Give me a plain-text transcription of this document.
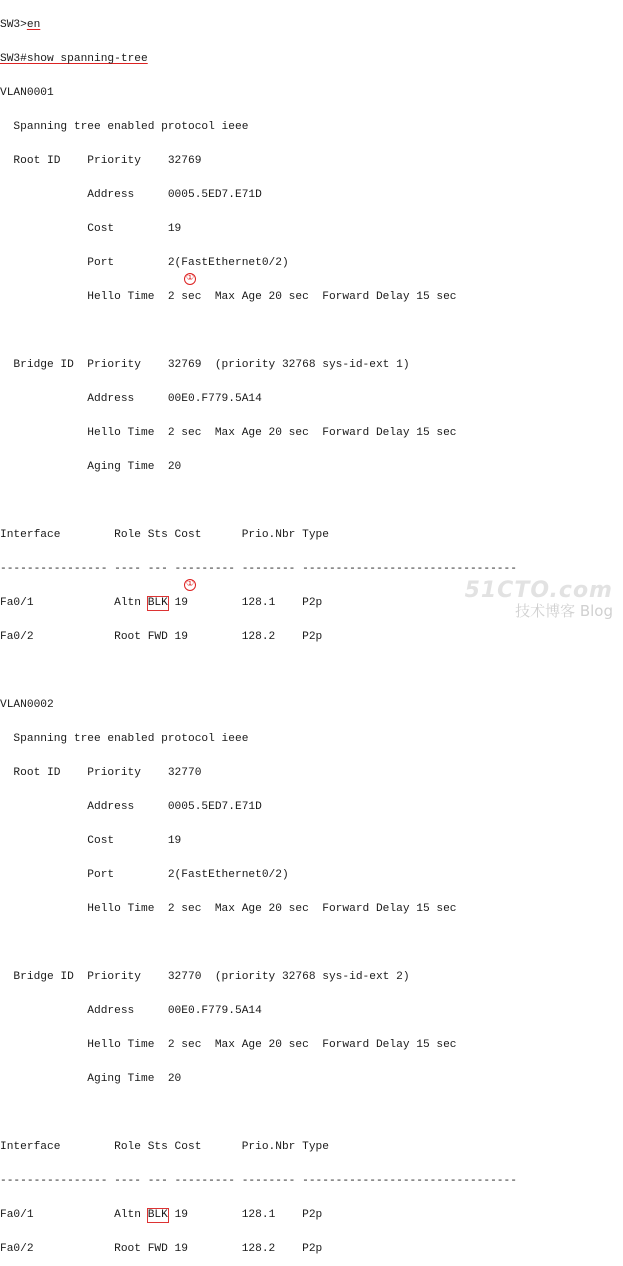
SW3>en

SW3#show spanning-tree

VLAN0001

Spanning tree enabled protocol ieee

Root ID    Priority    32769

Address     0005.5ED7.E71D

Cost        19

Port        2(FastEthernet0/2)

Hello Time  2 sec  Max Age 20 sec  Forward Delay 15 sec

Bridge ID  Priority    32769  (priority 32768 sys-id-ext 1)

Address     00E0.F779.5A14

Hello Time  2 sec  Max Age 20 sec  Forward Delay 15 sec

Aging Time  20

Interface        Role Sts Cost      Prio.Nbr Type

---------------- ---- --- --------- -------- --------------------------------

Fa0/1            Altn BLK 19        128.1    P2p

Fa0/2            Root FWD 19        128.2    P2p

VLAN0002

Spanning tree enabled protocol ieee

Root ID    Priority    32770

Address     0005.5ED7.E71D

Cost        19

Port        2(FastEthernet0/2)

Hello Time  2 sec  Max Age 20 sec  Forward Delay 15 sec

Bridge ID  Priority    32770  (priority 32768 sys-id-ext 2)

Address     00E0.F779.5A14

Hello Time  2 sec  Max Age 20 sec  Forward Delay 15 sec

Aging Time  20

Interface        Role Sts Cost      Prio.Nbr Type

---------------- ---- --- --------- -------- --------------------------------

Fa0/1            Altn BLK 19        128.1    P2p

Fa0/2            Root FWD 19        128.2    P2p

①
①	51CTO.com
技术博客 Blog
